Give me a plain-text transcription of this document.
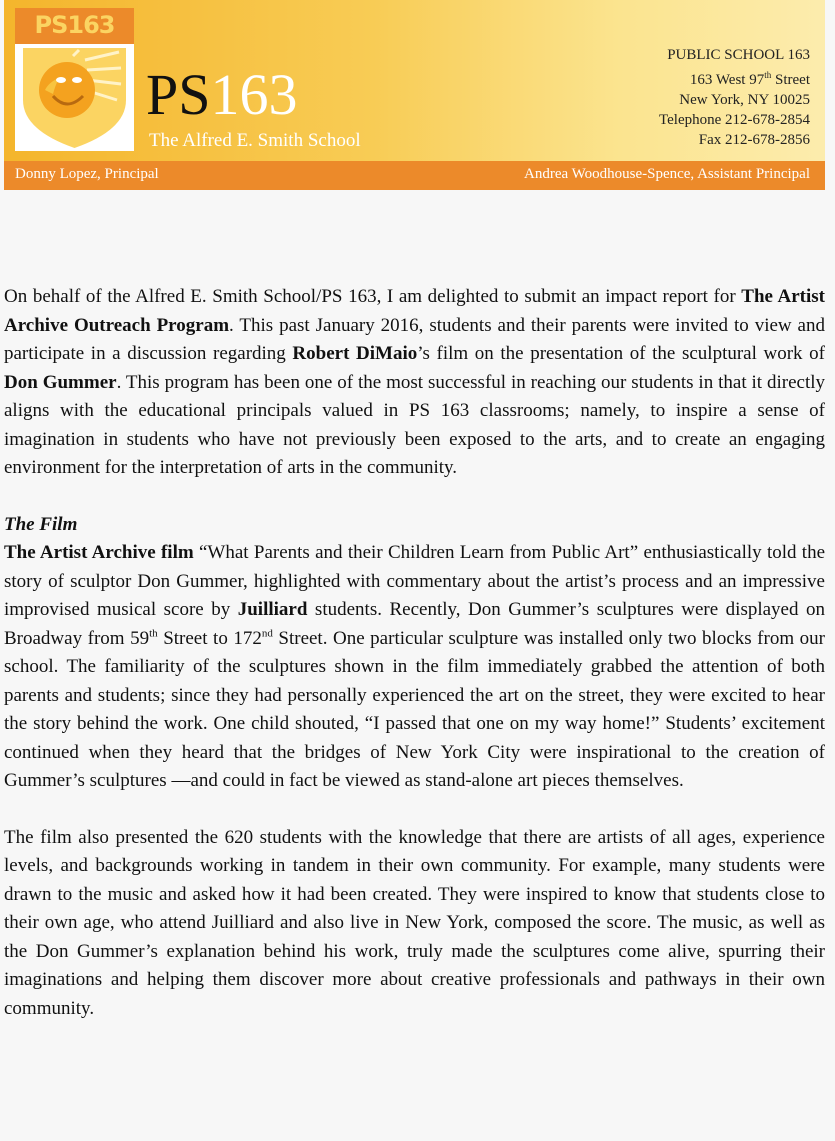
PS163
PS163
The Alfred E. Smith School
PUBLIC SCHOOL 163
163 West 97th Street
New York, NY 10025
Telephone 212-678-2854
Fax 212-678-2856
Donny Lopez, Principal	Andrea Woodhouse-Spence, Assistant Principal

On behalf of the Alfred E. Smith School/PS 163, I am delighted to submit an impact report for The Artist Archive Outreach Program. This past January 2016, students and their parents were invited to view and participate in a discussion regarding Robert DiMaio’s film on the presentation of the sculptural work of Don Gummer. This program has been one of the most successful in reaching our students in that it directly aligns with the educational principals valued in PS 163 classrooms; namely, to inspire a sense of imagination in students who have not previously been exposed to the arts, and to create an engaging environment for the interpretation of arts in the community.

The Film

The Artist Archive film “What Parents and their Children Learn from Public Art” enthusiastically told the story of sculptor Don Gummer, highlighted with commentary about the artist’s process and an impressive improvised musical score by Juilliard students. Recently, Don Gummer’s sculptures were displayed on Broadway from 59th Street to 172nd Street. One particular sculpture was installed only two blocks from our school. The familiarity of the sculptures shown in the film immediately grabbed the attention of both parents and students; since they had personally experienced the art on the street, they were excited to hear the story behind the work. One child shouted, “I passed that one on my way home!” Students’ excitement continued when they heard that the bridges of New York City were inspirational to the creation of Gummer’s sculptures —and could in fact be viewed as stand-alone art pieces themselves.

The film also presented the 620 students with the knowledge that there are artists of all ages, experience levels, and backgrounds working in tandem in their own community. For example, many students were drawn to the music and asked how it had been created. They were inspired to know that students close to their own age, who attend Juilliard and also live in New York, composed the score. The music, as well as the Don Gummer’s explanation behind his work, truly made the sculptures come alive, spurring their imaginations and helping them discover more about creative professionals and pathways in their own community.
